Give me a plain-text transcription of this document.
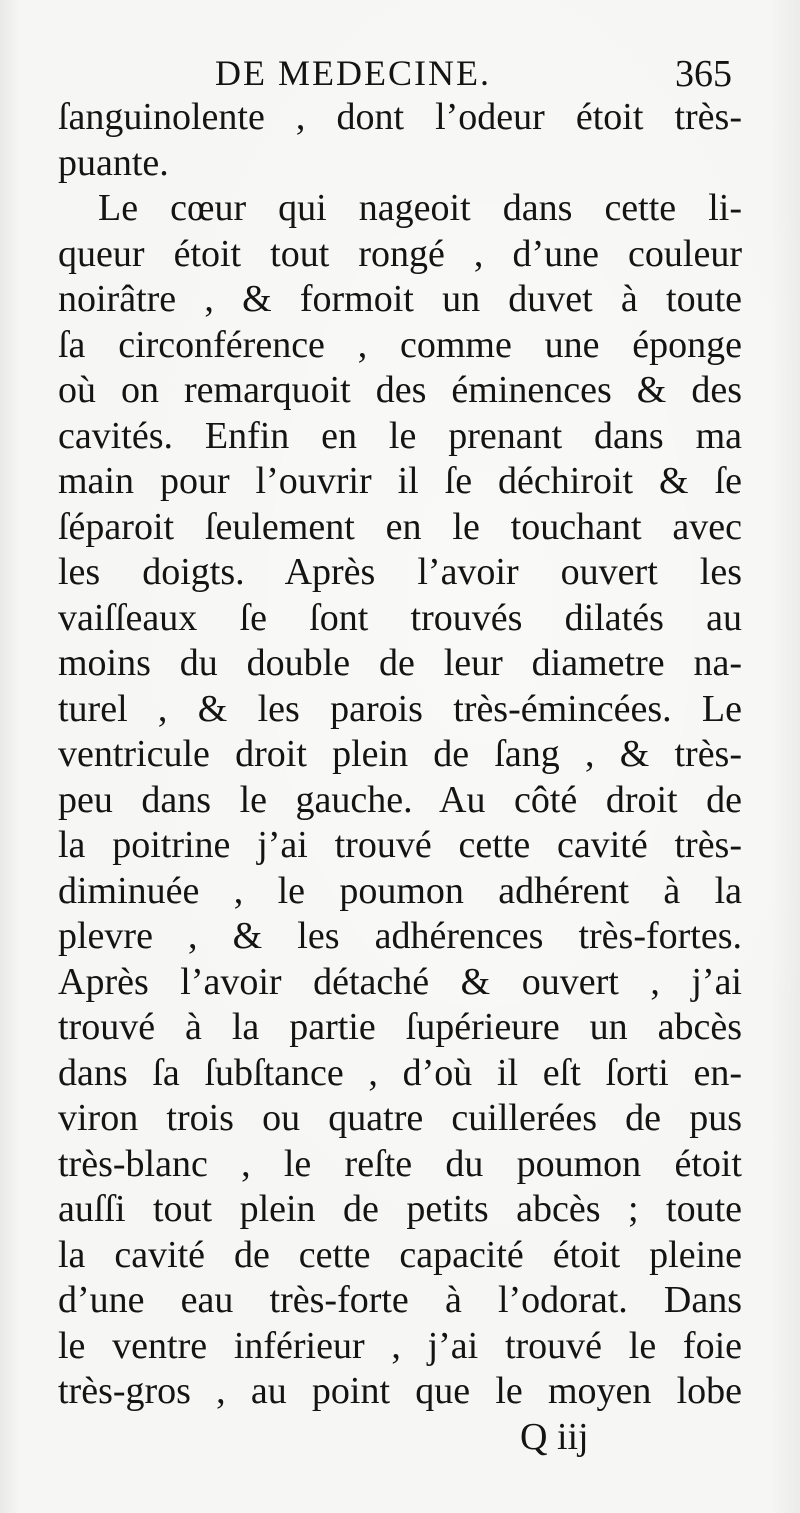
DE MEDECINE.	365
ſanguinolente , dont l’odeur étoit très-
puante.
Le cœur qui nageoit dans cette li-
queur étoit tout rongé , d’une couleur
noirâtre , & formoit un duvet à toute
ſa circonférence , comme une éponge
où on remarquoit des éminences & des
cavités. Enfin en le prenant dans ma
main pour l’ouvrir il ſe déchiroit & ſe
ſéparoit ſeulement en le touchant avec
les doigts. Après l’avoir ouvert les
vaiſſeaux ſe ſont trouvés dilatés au
moins du double de leur diametre na-
turel , & les parois très-émincées. Le
ventricule droit plein de ſang , & très-
peu dans le gauche. Au côté droit de
la poitrine j’ai trouvé cette cavité très-
diminuée , le poumon adhérent à la
plevre , & les adhérences très-fortes.
Après l’avoir détaché & ouvert , j’ai
trouvé à la partie ſupérieure un abcès
dans ſa ſubſtance , d’où il eſt ſorti en-
viron trois ou quatre cuillerées de pus
très-blanc , le reſte du poumon étoit
auſſi tout plein de petits abcès ; toute
la cavité de cette capacité étoit pleine
d’une eau très-forte à l’odorat. Dans
le ventre inférieur , j’ai trouvé le foie
très-gros , au point que le moyen lobe
Q iij
